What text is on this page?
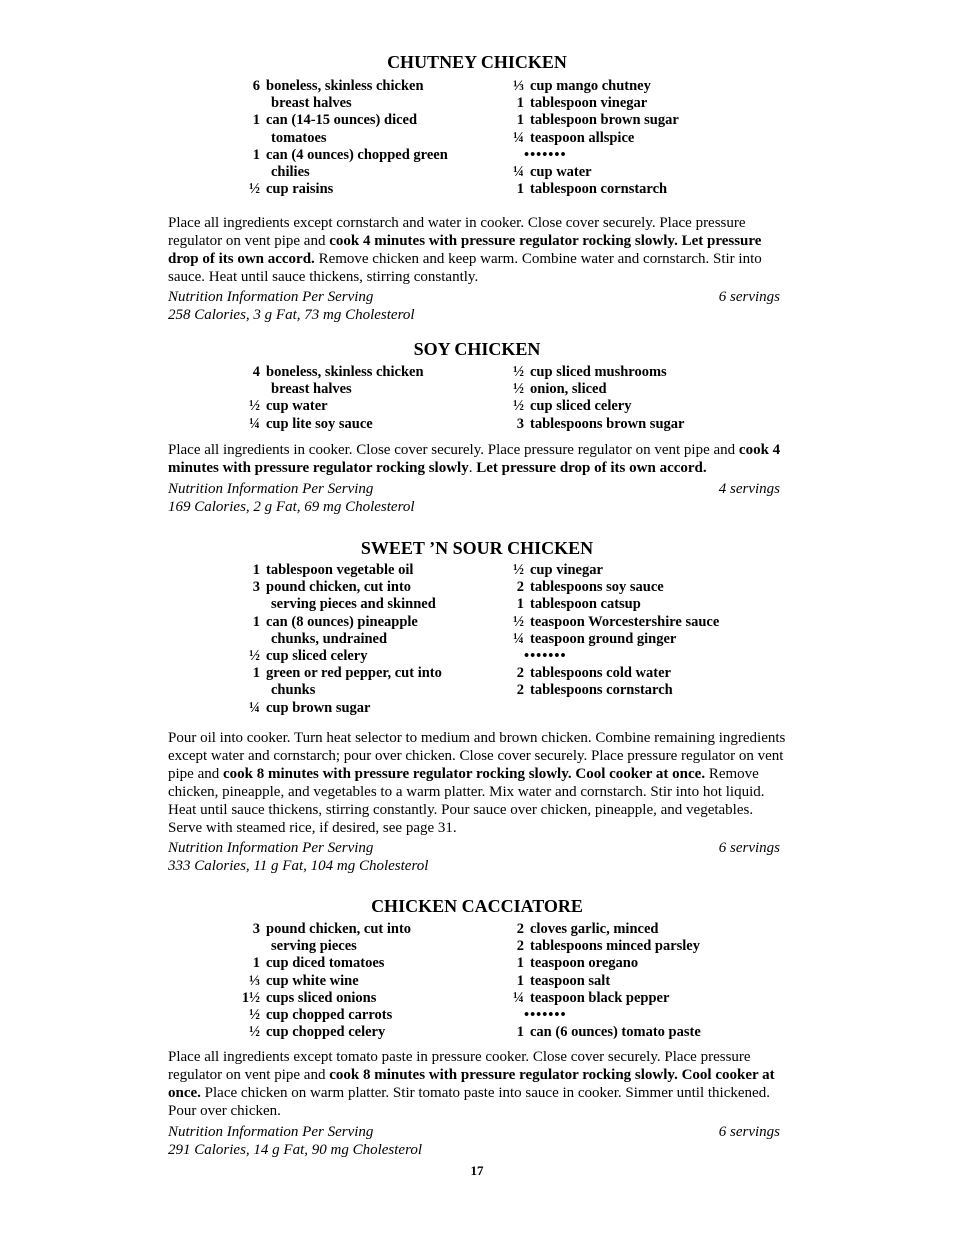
CHUTNEY CHICKEN
6 boneless, skinless chicken
breast halves
1 can (14-15 ounces) diced
tomatoes
1 can (4 ounces) chopped green
chilies
½ cup raisins
⅓ cup mango chutney
1 tablespoon vinegar
1 tablespoon brown sugar
¼ teaspoon allspice
•••••••
¼ cup water
1 tablespoon cornstarch
Place all ingredients except cornstarch and water in cooker. Close cover securely. Place pressure regulator on vent pipe and cook 4 minutes with pressure regulator rocking slowly. Let pressure drop of its own accord. Remove chicken and keep warm. Combine water and cornstarch. Stir into sauce. Heat until sauce thickens, stirring constantly.
Nutrition Information Per Serving	6 servings
258 Calories, 3 g Fat, 73 mg Cholesterol
SOY CHICKEN
4 boneless, skinless chicken
breast halves
½ cup water
¼ cup lite soy sauce
½ cup sliced mushrooms
½ onion, sliced
½ cup sliced celery
3 tablespoons brown sugar
Place all ingredients in cooker. Close cover securely. Place pressure regulator on vent pipe and cook 4 minutes with pressure regulator rocking slowly. Let pressure drop of its own accord.
Nutrition Information Per Serving	4 servings
169 Calories, 2 g Fat, 69 mg Cholesterol
SWEET ’N SOUR CHICKEN
1 tablespoon vegetable oil
3 pound chicken, cut into
serving pieces and skinned
1 can (8 ounces) pineapple
chunks, undrained
½ cup sliced celery
1 green or red pepper, cut into
chunks
¼ cup brown sugar
½ cup vinegar
2 tablespoons soy sauce
1 tablespoon catsup
½ teaspoon Worcestershire sauce
¼ teaspoon ground ginger
•••••••
2 tablespoons cold water
2 tablespoons cornstarch
Pour oil into cooker. Turn heat selector to medium and brown chicken. Combine remaining ingredients except water and cornstarch; pour over chicken. Close cover securely. Place pressure regulator on vent pipe and cook 8 minutes with pressure regulator rocking slowly. Cool cooker at once. Remove chicken, pineapple, and vegetables to a warm platter. Mix water and cornstarch. Stir into hot liquid. Heat until sauce thickens, stirring constantly. Pour sauce over chicken, pineapple, and vegetables. Serve with steamed rice, if desired, see page 31.
Nutrition Information Per Serving	6 servings
333 Calories, 11 g Fat, 104 mg Cholesterol
CHICKEN CACCIATORE
3 pound chicken, cut into
serving pieces
1 cup diced tomatoes
⅓ cup white wine
1½ cups sliced onions
½ cup chopped carrots
½ cup chopped celery
2 cloves garlic, minced
2 tablespoons minced parsley
1 teaspoon oregano
1 teaspoon salt
¼ teaspoon black pepper
•••••••
1 can (6 ounces) tomato paste
Place all ingredients except tomato paste in pressure cooker. Close cover securely. Place pressure regulator on vent pipe and cook 8 minutes with pressure regulator rocking slowly. Cool cooker at once. Place chicken on warm platter. Stir tomato paste into sauce in cooker. Simmer until thickened. Pour over chicken.
Nutrition Information Per Serving	6 servings
291 Calories, 14 g Fat, 90 mg Cholesterol
17
